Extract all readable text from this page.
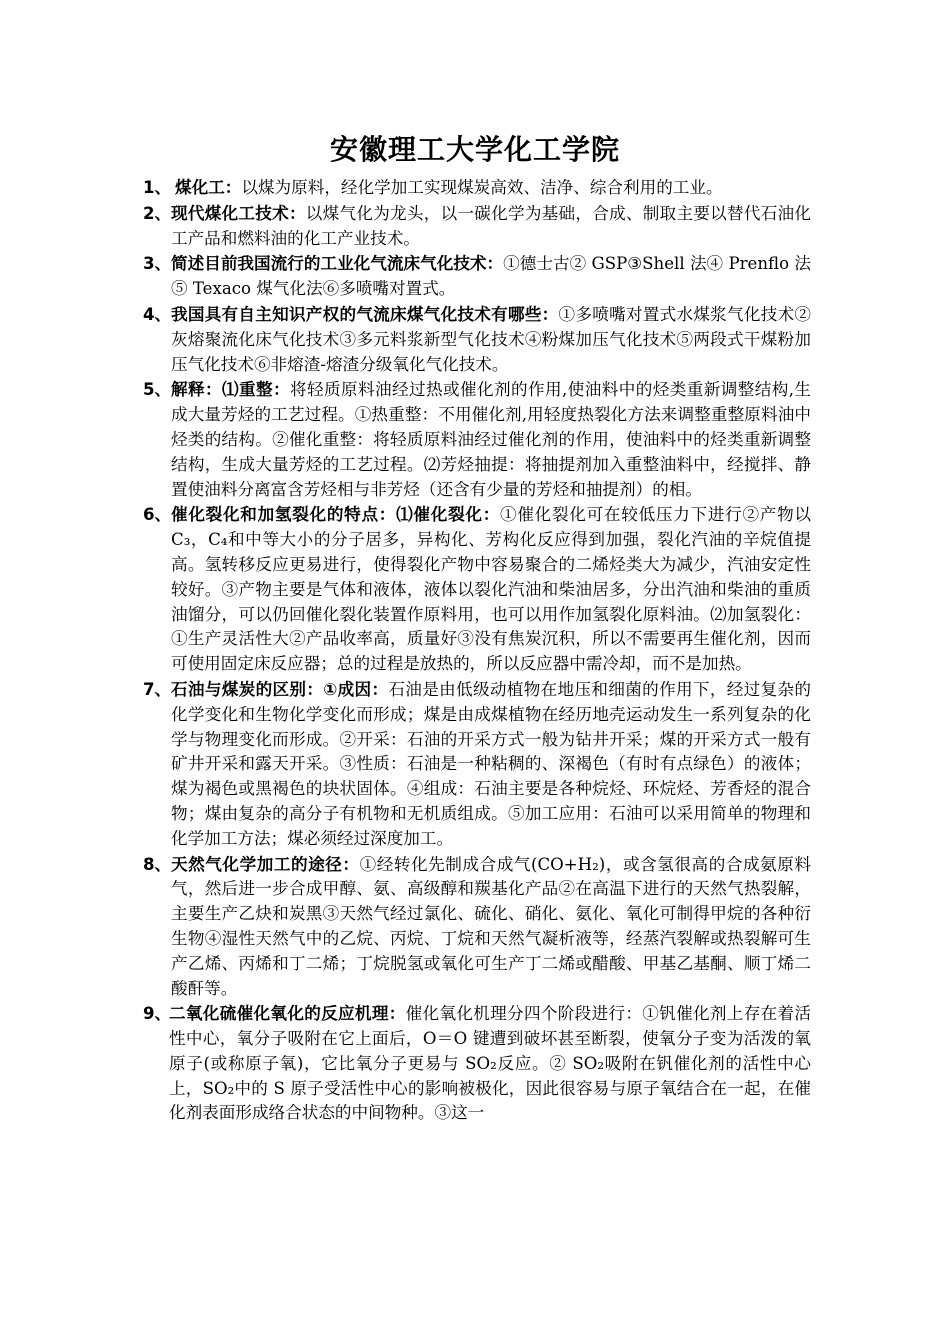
安徽理工大学化工学院
1、 煤化工：以煤为原料，经化学加工实现煤炭高效、洁净、综合利用的工业。
2、 现代煤化工技术：以煤气化为龙头，以一碳化学为基础，合成、制取主要以替代石油化工产品和燃料油的化工产业技术。
3、 简述目前我国流行的工业化气流床气化技术：①德士古② GSP③Shell 法④ Prenflo 法⑤ Texaco 煤气化法⑥多喷嘴对置式。
4、 我国具有自主知识产权的气流床煤气化技术有哪些：①多喷嘴对置式水煤浆气化技术②灰熔聚流化床气化技术③多元料浆新型气化技术④粉煤加压气化技术⑤两段式干煤粉加压气化技术⑥非熔渣-熔渣分级氧化气化技术。
5、 解释：⑴重整：将轻质原料油经过热或催化剂的作用,使油料中的烃类重新调整结构,生成大量芳烃的工艺过程。①热重整：不用催化剂,用轻度热裂化方法来调整重整原料油中烃类的结构。②催化重整：将轻质原料油经过催化剂的作用，使油料中的烃类重新调整结构，生成大量芳烃的工艺过程。⑵芳烃抽提：将抽提剂加入重整油料中，经搅拌、静置使油料分离富含芳烃相与非芳烃（还含有少量的芳烃和抽提剂）的相。
6、 催化裂化和加氢裂化的特点：⑴催化裂化：①催化裂化可在较低压力下进行②产物以 C₃，C₄和中等大小的分子居多，异构化、芳构化反应得到加强，裂化汽油的辛烷值提高。氢转移反应更易进行，使得裂化产物中容易聚合的二烯烃类大为减少，汽油安定性较好。③产物主要是气体和液体，液体以裂化汽油和柴油居多，分出汽油和柴油的重质油馏分，可以仍回催化裂化装置作原料用，也可以用作加氢裂化原料油。⑵加氢裂化：①生产灵活性大②产品收率高，质量好③没有焦炭沉积，所以不需要再生催化剂，因而可使用固定床反应器；总的过程是放热的，所以反应器中需冷却，而不是加热。
7、 石油与煤炭的区别：①成因：石油是由低级动植物在地压和细菌的作用下，经过复杂的化学变化和生物化学变化而形成；煤是由成煤植物在经历地壳运动发生一系列复杂的化学与物理变化而形成。②开采：石油的开采方式一般为钻井开采；煤的开采方式一般有矿井开采和露天开采。③性质：石油是一种粘稠的、深褐色（有时有点绿色）的液体；煤为褐色或黑褐色的块状固体。④组成：石油主要是各种烷烃、环烷烃、芳香烃的混合物；煤由复杂的高分子有机物和无机质组成。⑤加工应用：石油可以采用简单的物理和化学加工方法；煤必须经过深度加工。
8、 天然气化学加工的途径：①经转化先制成合成气(CO+H₂)，或含氢很高的合成氨原料气，然后进一步合成甲醇、氨、高级醇和羰基化产品②在高温下进行的天然气热裂解，主要生产乙炔和炭黑③天然气经过氯化、硫化、硝化、氨化、氧化可制得甲烷的各种衍生物④湿性天然气中的乙烷、丙烷、丁烷和天然气凝析液等，经蒸汽裂解或热裂解可生产乙烯、丙烯和丁二烯；丁烷脱氢或氧化可生产丁二烯或醋酸、甲基乙基酮、顺丁烯二酸酐等。
9、
二氧化硫催化氧化的反应机理：催化氧化机理分四个阶段进行：①钒催化剂上存在着活性中心，氧分子吸附在它上面后，O＝O 键遭到破坏甚至断裂，使氧分子变为活泼的氧原子(或称原子氧)，它比氧分子更易与 SO₂反应。② SO₂吸附在钒催化剂的活性中心上，SO₂中的 S 原子受活性中心的影响被极化，因此很容易与原子氧结合在一起，在催化剂表面形成络合状态的中间物种。③这一
